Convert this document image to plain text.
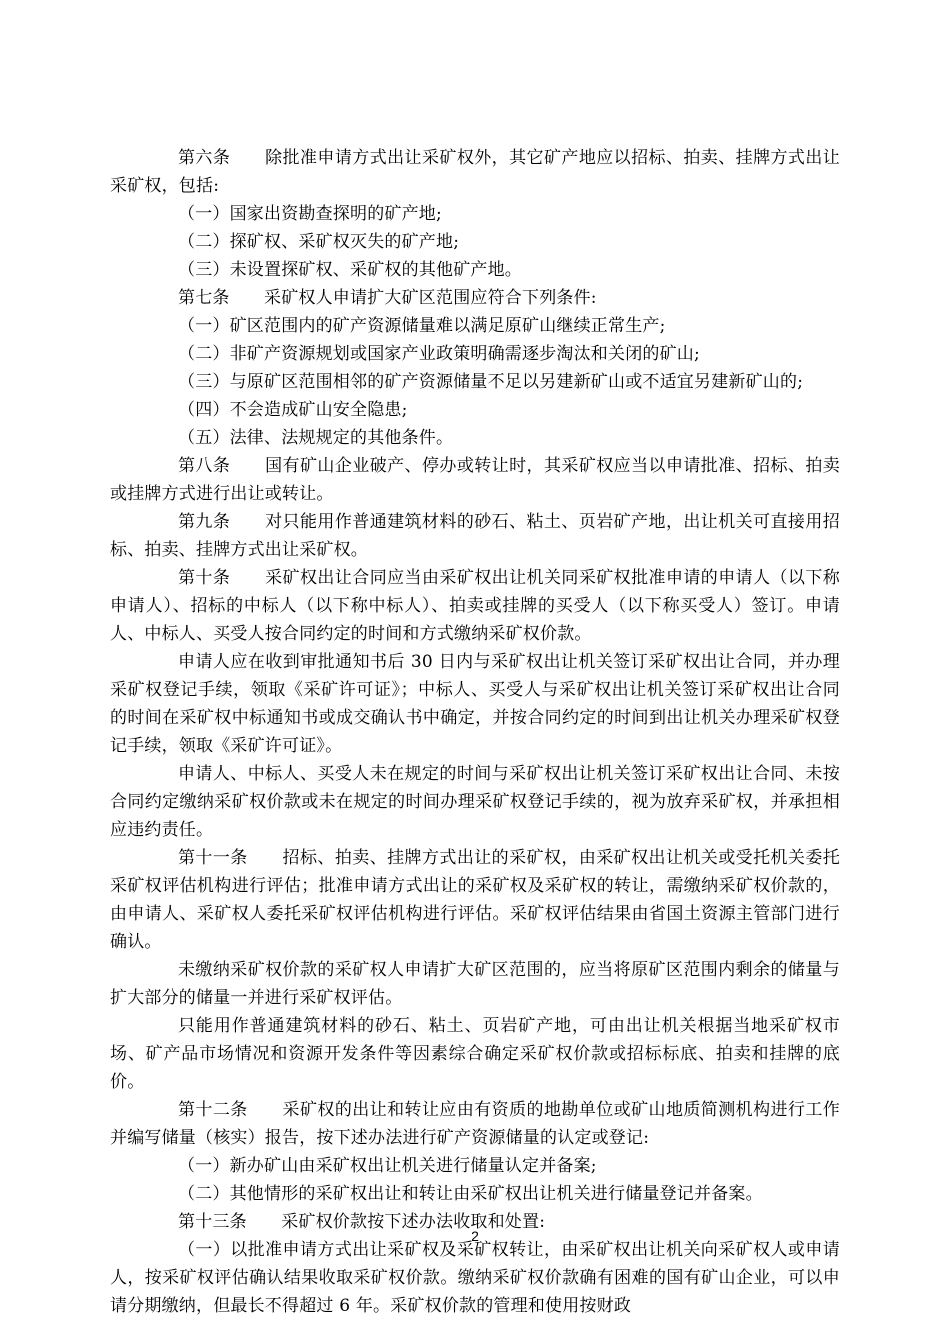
第六条　　除批准申请方式出让采矿权外，其它矿产地应以招标、拍卖、挂牌方式出让采矿权，包括:

（一）国家出资勘查探明的矿产地;

（二）探矿权、采矿权灭失的矿产地;

（三）未设置探矿权、采矿权的其他矿产地。

第七条　　采矿权人申请扩大矿区范围应符合下列条件:

（一）矿区范围内的矿产资源储量难以满足原矿山继续正常生产;

（二）非矿产资源规划或国家产业政策明确需逐步淘汰和关闭的矿山;

（三）与原矿区范围相邻的矿产资源储量不足以另建新矿山或不适宜另建新矿山的;

（四）不会造成矿山安全隐患;

（五）法律、法规规定的其他条件。

第八条　　国有矿山企业破产、停办或转让时，其采矿权应当以申请批准、招标、拍卖或挂牌方式进行出让或转让。

第九条　　对只能用作普通建筑材料的砂石、粘土、页岩矿产地，出让机关可直接用招标、拍卖、挂牌方式出让采矿权。

第十条　　采矿权出让合同应当由采矿权出让机关同采矿权批准申请的申请人（以下称申请人）、招标的中标人（以下称中标人）、拍卖或挂牌的买受人（以下称买受人）签订。申请人、中标人、买受人按合同约定的时间和方式缴纳采矿权价款。

申请人应在收到审批通知书后 30 日内与采矿权出让机关签订采矿权出让合同，并办理采矿权登记手续，领取《采矿许可证》；中标人、买受人与采矿权出让机关签订采矿权出让合同的时间在采矿权中标通知书或成交确认书中确定，并按合同约定的时间到出让机关办理采矿权登记手续，领取《采矿许可证》。

申请人、中标人、买受人未在规定的时间与采矿权出让机关签订采矿权出让合同、未按合同约定缴纳采矿权价款或未在规定的时间办理采矿权登记手续的，视为放弃采矿权，并承担相应违约责任。

第十一条　　招标、拍卖、挂牌方式出让的采矿权，由采矿权出让机关或受托机关委托采矿权评估机构进行评估；批准申请方式出让的采矿权及采矿权的转让，需缴纳采矿权价款的，由申请人、采矿权人委托采矿权评估机构进行评估。采矿权评估结果由省国土资源主管部门进行确认。

未缴纳采矿权价款的采矿权人申请扩大矿区范围的，应当将原矿区范围内剩余的储量与扩大部分的储量一并进行采矿权评估。

只能用作普通建筑材料的砂石、粘土、页岩矿产地，可由出让机关根据当地采矿权市场、矿产品市场情况和资源开发条件等因素综合确定采矿权价款或招标标底、拍卖和挂牌的底价。

第十二条　　采矿权的出让和转让应由有资质的地勘单位或矿山地质简测机构进行工作并编写储量（核实）报告，按下述办法进行矿产资源储量的认定或登记:

（一）新办矿山由采矿权出让机关进行储量认定并备案;

（二）其他情形的采矿权出让和转让由采矿权出让机关进行储量登记并备案。

第十三条　　采矿权价款按下述办法收取和处置:

（一）以批准申请方式出让采矿权及采矿权转让，由采矿权出让机关向采矿权人或申请人，按采矿权评估确认结果收取采矿权价款。缴纳采矿权价款确有困难的国有矿山企业，可以申请分期缴纳，但最长不得超过 6 年。采矿权价款的管理和使用按财政

2
